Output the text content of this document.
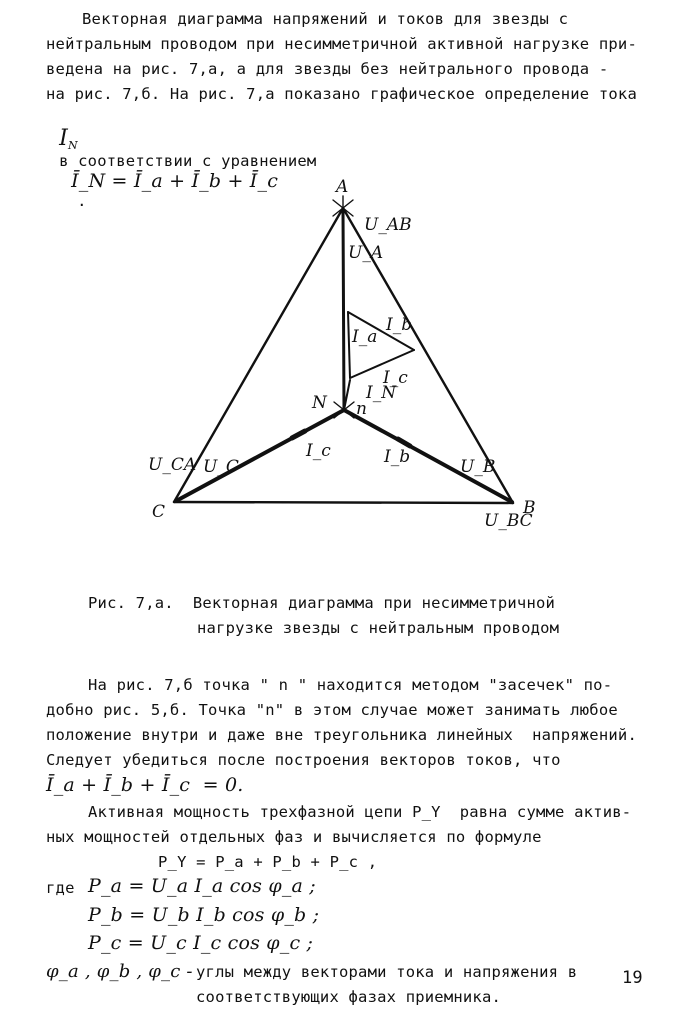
Векторная диаграмма напряжений и токов для звезды с
нейтральным проводом при несимметричной активной нагрузке при-
ведена на рис. 7,а, а для звезды без нейтрального провода -
на рис. 7,б. На рис. 7,а показано графическое определение тока

$I_N$
в соответствии с уравнением
Ī_N = Ī_a + Ī_b + Ī_c
.

A
B
C
U_AB
U_BC
U_CA
U_A
U_B
U_C
I_a
I_b
I_c
I_N
I_c	I_b
N n
Рис. 7,а.  Векторная диаграмма при несимметричной
нагрузке звезды с нейтральным проводом
На рис. 7,б точка " n " находится методом "засечек" по-
добно рис. 5,б. Точка "n" в этом случае может занимать любое
положение внутри и даже вне треугольника линейных  напряжений.
Следует убедиться после построения векторов токов, что
Ī_a + Ī_b + Ī_c  = 0.
Активная мощность трехфазной цепи P_Y  равна сумме актив-
ных мощностей отдельных фаз и вычисляется по формуле
P_Y = P_a + P_b + P_c ,
где P_a = U_a I_a cos φ_a ;
P_b = U_b I_b cos φ_b ;
P_c = U_c I_c cos φ_c ;
φ_a , φ_b , φ_c - углы между векторами тока и напряжения в
соответствующих фазах приемника.
19
